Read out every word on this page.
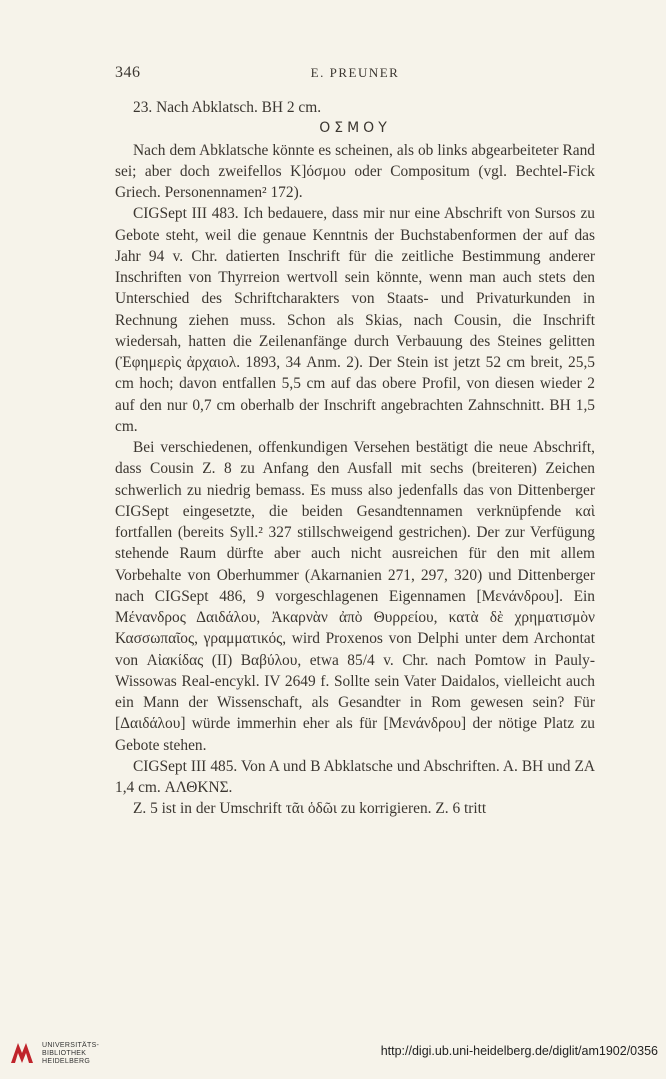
346	E. PREUNER

23. Nach Abklatsch. BH 2 cm.

ΟΣΜΟΥ

Nach dem Abklatsche könnte es scheinen, als ob links abgearbeiteter Rand sei; aber doch zweifellos Κ]όσμου oder Compositum (vgl. Bechtel-Fick Griech. Personennamen² 172).

CIGSept III 483. Ich bedauere, dass mir nur eine Abschrift von Sursos zu Gebote steht, weil die genaue Kenntnis der Buchstabenformen der auf das Jahr 94 v. Chr. datierten Inschrift für die zeitliche Bestimmung anderer Inschriften von Thyrreion wertvoll sein könnte, wenn man auch stets den Unterschied des Schriftcharakters von Staats- und Privaturkunden in Rechnung ziehen muss. Schon als Skias, nach Cousin, die Inschrift wiedersah, hatten die Zeilenanfänge durch Verbauung des Steines gelitten (Ἐφημερὶς ἀρχαιολ. 1893, 34 Anm. 2). Der Stein ist jetzt 52 cm breit, 25,5 cm hoch; davon entfallen 5,5 cm auf das obere Profil, von diesen wieder 2 auf den nur 0,7 cm oberhalb der Inschrift angebrachten Zahnschnitt. BH 1,5 cm.

Bei verschiedenen, offenkundigen Versehen bestätigt die neue Abschrift, dass Cousin Z. 8 zu Anfang den Ausfall mit sechs (breiteren) Zeichen schwerlich zu niedrig bemass. Es muss also jedenfalls das von Dittenberger CIGSept eingesetzte, die beiden Gesandtennamen verknüpfende καὶ fortfallen (bereits Syll.² 327 stillschweigend gestrichen). Der zur Verfügung stehende Raum dürfte aber auch nicht ausreichen für den mit allem Vorbehalte von Oberhummer (Akarnanien 271, 297, 320) und Dittenberger nach CIGSept 486, 9 vorgeschlagenen Eigennamen [Μενάνδρου]. Ein Μένανδρος Δαιδάλου, Ἀκαρνὰν ἀπὸ Θυρρείου, κατὰ δὲ χρηματισμὸν Κασσωπαῖος, γραμματικός, wird Proxenos von Delphi unter dem Archontat von Αἰακίδας (II) Βαβύλου, etwa 85/4 v. Chr. nach Pomtow in Pauly-Wissowas Real-encykl. IV 2649 f. Sollte sein Vater Daidalos, vielleicht auch ein Mann der Wissenschaft, als Gesandter in Rom gewesen sein? Für [Δαιδάλου] würde immerhin eher als für [Μενάνδρου] der nötige Platz zu Gebote stehen.

CIGSept III 485. Von A und B Abklatsche und Abschriften. A. BH und ZA 1,4 cm. ΑΛΘΚΝΣ.

Z. 5 ist in der Umschrift τᾶι ὁδῶι zu korrigieren. Z. 6 tritt

UNIVERSITÄTS-
BIBLIOTHEK
HEIDELBERG
http://digi.ub.uni-heidelberg.de/diglit/am1902/0356
